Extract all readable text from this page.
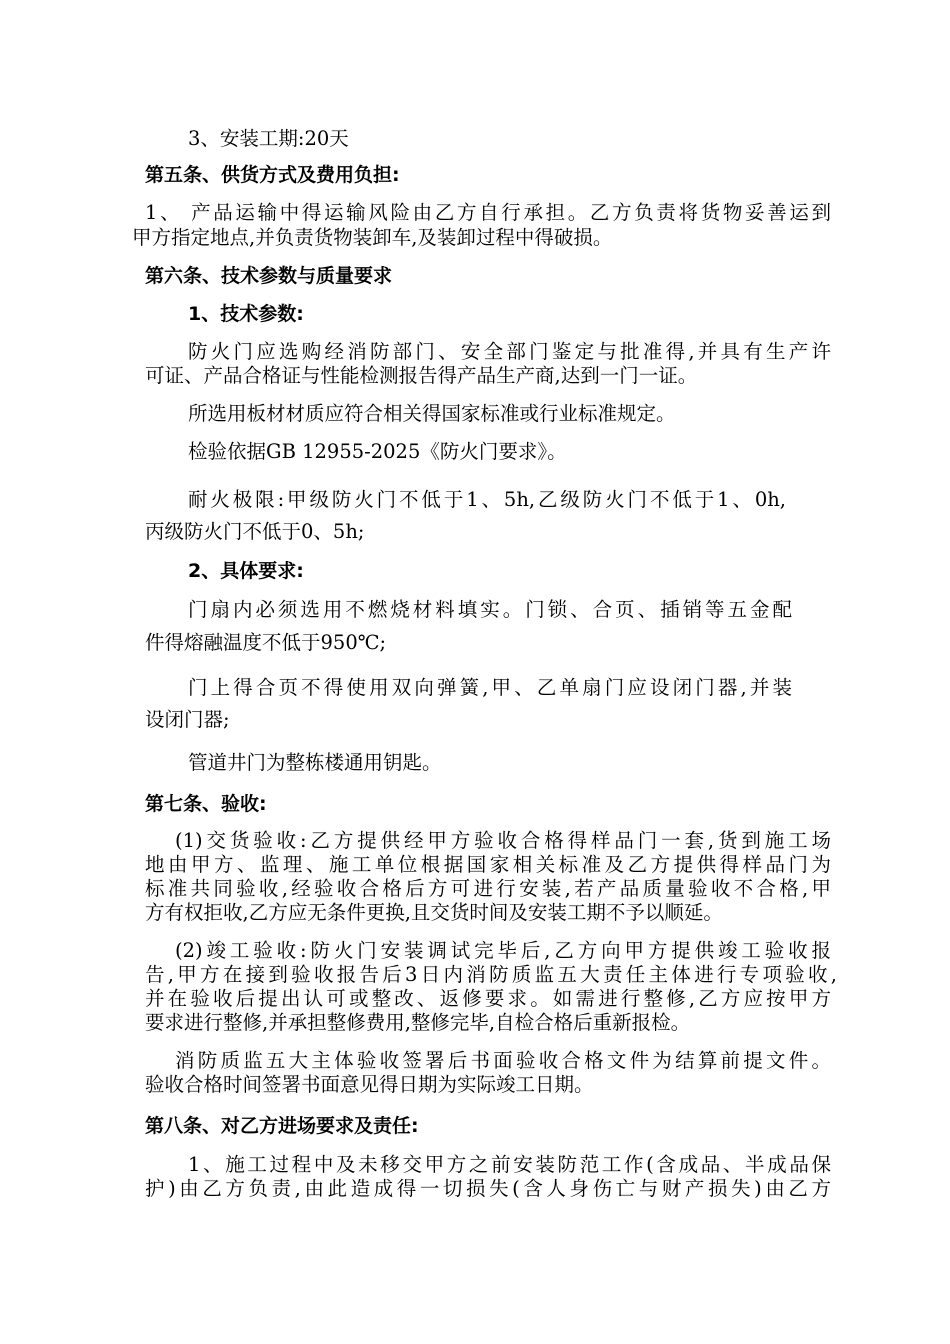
3、安装工期:20天
第五条、供货方式及费用负担:
1、 产品运输中得运输风险由乙方自行承担。乙方负责将货物妥善运到
甲方指定地点,并负责货物装卸车,及装卸过程中得破损。
第六条、技术参数与质量要求
1、技术参数:
防火门应选购经消防部门、安全部门鉴定与批准得,并具有生产许
可证、产品合格证与性能检测报告得产品生产商,达到一门一证。
所选用板材材质应符合相关得国家标准或行业标准规定。
检验依据GB 12955-2025《防火门要求》。
耐火极限:甲级防火门不低于1、5h,乙级防火门不低于1、0h,
丙级防火门不低于0、5h;
2、具体要求:
门扇内必须选用不燃烧材料填实。门锁、合页、插销等五金配
件得熔融温度不低于950℃;
门上得合页不得使用双向弹簧,甲、乙单扇门应设闭门器,并装
设闭门器;
管道井门为整栋楼通用钥匙。
第七条、验收:
(1)交货验收:乙方提供经甲方验收合格得样品门一套,货到施工场
地由甲方、监理、施工单位根据国家相关标准及乙方提供得样品门为
标准共同验收,经验收合格后方可进行安装,若产品质量验收不合格,甲
方有权拒收,乙方应无条件更换,且交货时间及安装工期不予以顺延。
(2)竣工验收:防火门安装调试完毕后,乙方向甲方提供竣工验收报
告,甲方在接到验收报告后3日内消防质监五大责任主体进行专项验收,
并在验收后提出认可或整改、返修要求。如需进行整修,乙方应按甲方
要求进行整修,并承担整修费用,整修完毕,自检合格后重新报检。
消防质监五大主体验收签署后书面验收合格文件为结算前提文件。
验收合格时间签署书面意见得日期为实际竣工日期。
第八条、对乙方进场要求及责任:
1、施工过程中及未移交甲方之前安装防范工作(含成品、半成品保
护)由乙方负责,由此造成得一切损失(含人身伤亡与财产损失)由乙方
